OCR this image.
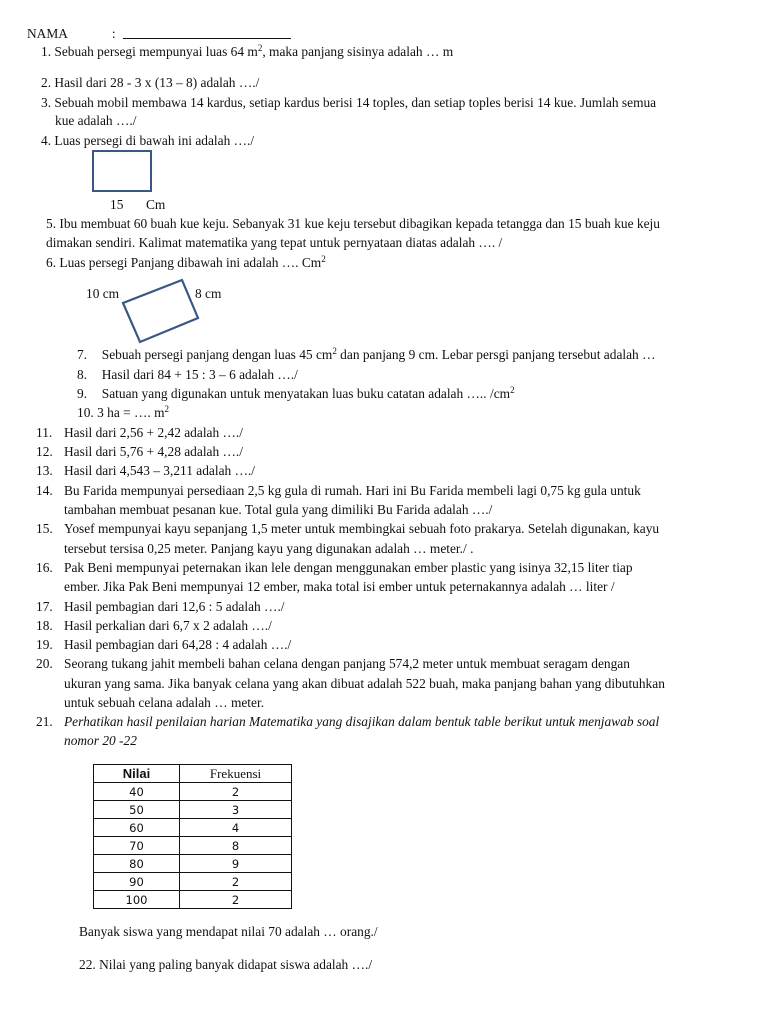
NAMA	:
1. Sebuah persegi mempunyai luas 64 $m^2$, maka panjang sisinya adalah … m
2. Hasil dari 28 - 3 x (13 – 8) adalah …./
3. Sebuah mobil membawa 14 kardus, setiap kardus berisi 14 toples, dan setiap toples berisi 14 kue. Jumlah semua
kue adalah …./
4. Luas persegi di bawah ini adalah …./
15 Cm
5. Ibu membuat 60 buah kue keju. Sebanyak 31 kue keju tersebut dibagikan kepada tetangga dan 15 buah kue keju
dimakan sendiri. Kalimat matematika yang tepat untuk pernyataan diatas adalah …. /
6. Luas persegi Panjang dibawah ini adalah …. Cm$^2$
10 cm	8 cm
7. Sebuah persegi panjang dengan luas 45 $cm^2$ dan panjang 9 cm. Lebar persgi panjang tersebut adalah …
8. Hasil dari 84 + 15 : 3 – 6 adalah …./
9. Satuan yang digunakan untuk menyatakan luas buku catatan adalah ….. $/cm^2$
10. 3 ha = …. $m^2$
11. Hasil dari 2,56 + 2,42 adalah …./
12. Hasil dari 5,76 + 4,28 adalah …./
13. Hasil dari 4,543 – 3,211 adalah …./
14. Bu Farida mempunyai persediaan 2,5 kg gula di rumah. Hari ini Bu Farida membeli lagi 0,75 kg gula untuk
tambahan membuat pesanan kue. Total gula yang dimiliki Bu Farida adalah …./
15. Yosef mempunyai kayu sepanjang 1,5 meter untuk membingkai sebuah foto prakarya. Setelah digunakan, kayu
tersebut tersisa 0,25 meter. Panjang kayu yang digunakan adalah … meter./ .
16. Pak Beni mempunyai peternakan ikan lele dengan menggunakan ember plastic yang isinya 32,15 liter tiap
ember. Jika Pak Beni mempunyai 12 ember, maka total isi ember untuk peternakannya adalah … liter /
17. Hasil pembagian dari 12,6 : 5 adalah …./
18. Hasil perkalian dari 6,7 x 2 adalah …./
19. Hasil pembagian dari 64,28 : 4 adalah …./
20. Seorang tukang jahit membeli bahan celana dengan panjang 574,2 meter untuk membuat seragam dengan
ukuran yang sama. Jika banyak celana yang akan dibuat adalah 522 buah, maka panjang bahan yang dibutuhkan
untuk sebuah celana adalah … meter.
21. Perhatikan hasil penilaian harian Matematika yang disajikan dalam bentuk table berikut untuk menjawab soal
nomor 20 -22
Nilai	Frekuensi
40	2
50	3
60	4
70	8
80	9
90	2
100	2
Banyak siswa yang mendapat nilai 70 adalah … orang./
22. Nilai yang paling banyak didapat siswa adalah …./
